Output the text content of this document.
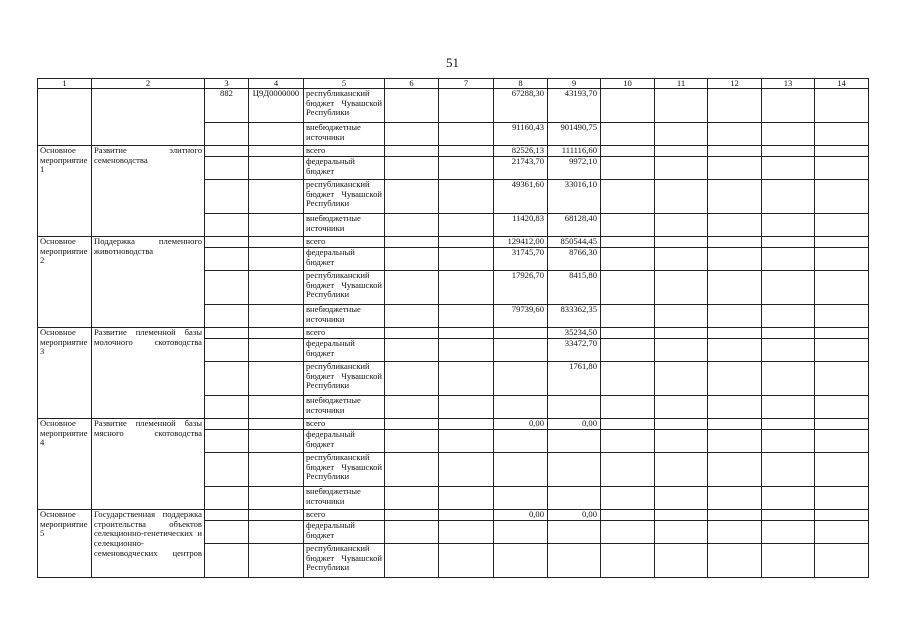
51
1	2	3	4	5	6	7	8	9	10	11	12	13	14
		882	Ц9Д0000000	республиканский бюджет Чувашской Республики			67288,30	43193,70					
				внебюджетные источники			91160,43	901490,75					
Основное мероприятие 1	Развитие элитного семеноводства			всего			82526,13	111116,60					
				федеральный бюджет			21743,70	9972,10					
				республиканский бюджет Чувашской Республики			49361,60	33016,10					
				внебюджетные источники			11420,83	68128,40					
Основное мероприятие 2	Поддержка племенного животноводства			всего			129412,00	850544,45					
				федеральный бюджет			31745,70	8766,30					
				республиканский бюджет Чувашской Республики			17926,70	8415,80					
				внебюджетные источники			79739,60	833362,35					
Основное мероприятие 3	Развитие племенной базы молочного скотоводства			всего				35234,50					
				федеральный бюджет				33472,70					
				республиканский бюджет Чувашской Республики				1761,80					
				внебюджетные источники									
Основное мероприятие 4	Развитие племенной базы мясного скотоводства			всего			0,00	0,00					
				федеральный бюджет									
				республиканский бюджет Чувашской Республики									
				внебюджетные источники									
Основное мероприятие 5	Государственная поддержка строительства объектов селекционно-генетических и селекционно-семеноводческих центров			всего			0,00	0,00					
				федеральный бюджет									
				республиканский бюджет Чувашской Республики									
